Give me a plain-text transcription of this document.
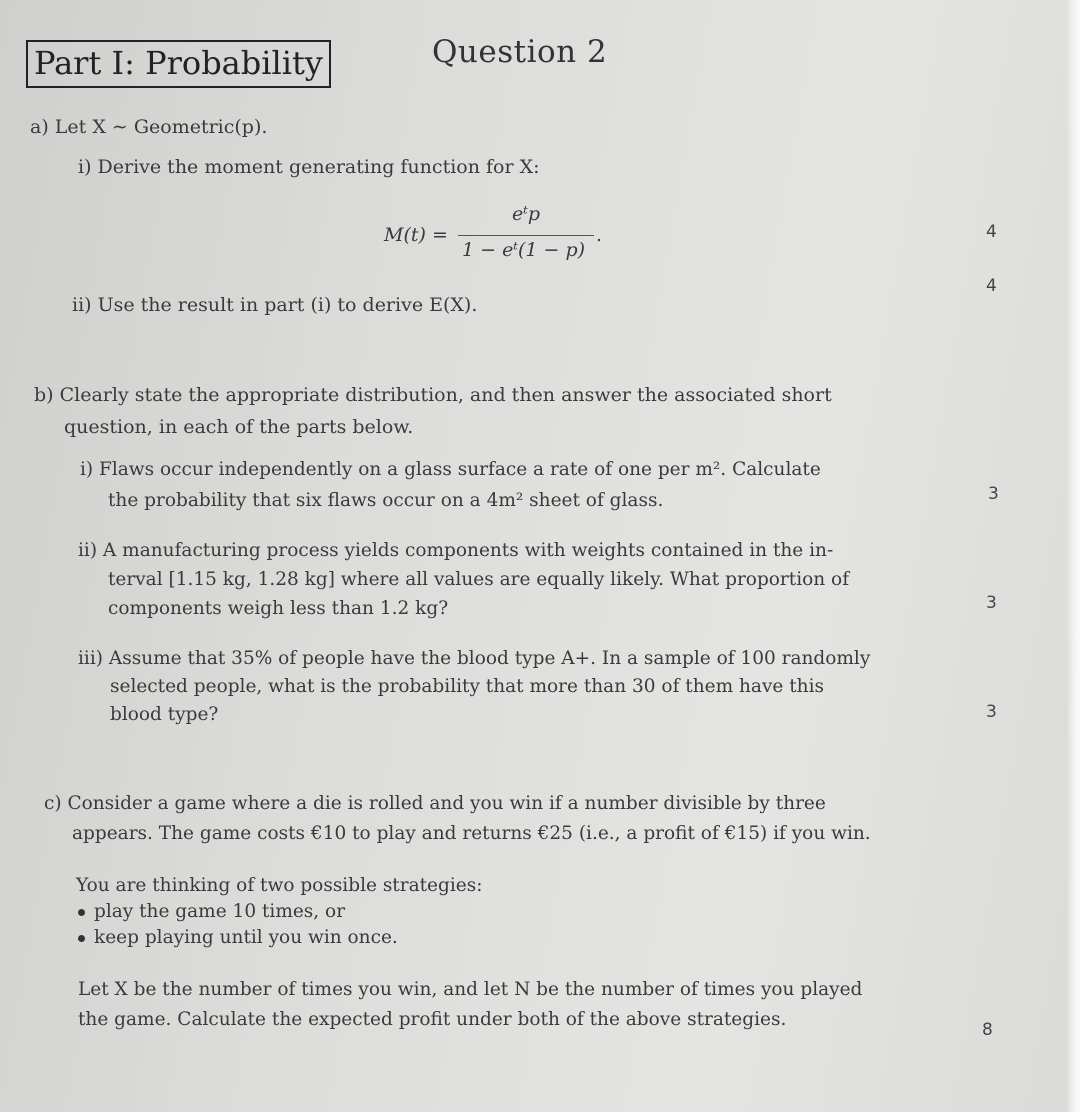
Part I: Probability	Question 2
a) Let X ∼ Geometric(p).
i) Derive the moment generating function for X:
M(t) =
eᵗp
1 − eᵗ(1 − p)
.	4
ii) Use the result in part (i) to derive E(X).
4
b) Clearly state the appropriate distribution, and then answer the associated short
question, in each of the parts below.
i) Flaws occur independently on a glass surface a rate of one per m². Calculate
the probability that six flaws occur on a 4m² sheet of glass.	3
ii) A manufacturing process yields components with weights contained in the in-
terval [1.15 kg, 1.28 kg] where all values are equally likely. What proportion of
components weigh less than 1.2 kg?	3
iii) Assume that 35% of people have the blood type A+. In a sample of 100 randomly
selected people, what is the probability that more than 30 of them have this
blood type?	3
c) Consider a game where a die is rolled and you win if a number divisible by three
appears. The game costs €10 to play and returns €25 (i.e., a profit of €15) if you win.
You are thinking of two possible strategies:
play the game 10 times, or
keep playing until you win once.
Let X be the number of times you win, and let N be the number of times you played
the game. Calculate the expected profit under both of the above strategies.	8
